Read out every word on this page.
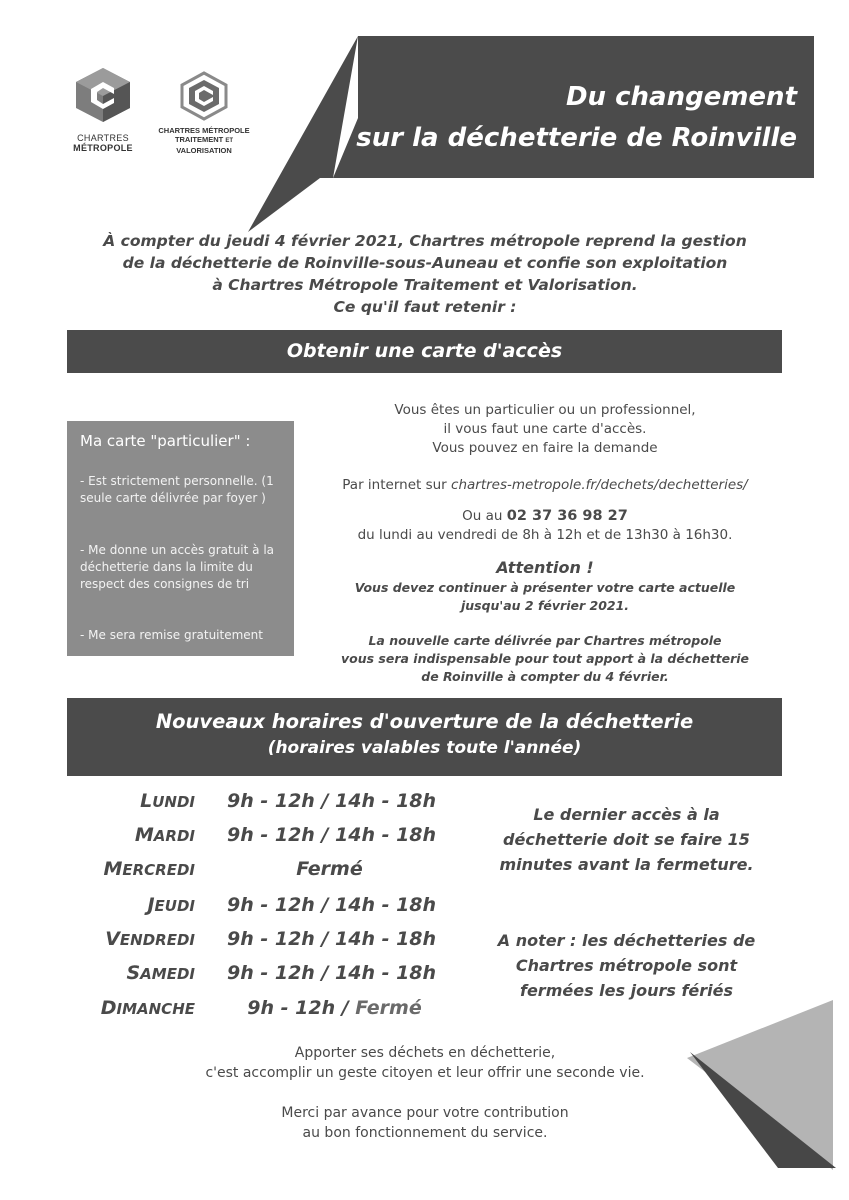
CHARTRES
MÉTROPOLE
CHARTRES MÉTROPOLE
TRAITEMENT ET
VALORISATION
Du changement
sur la déchetterie de Roinville
À compter du jeudi 4 février 2021, Chartres métropole reprend la gestion
de la déchetterie de Roinville-sous-Auneau et confie son exploitation
à Chartres Métropole Traitement et Valorisation.
Ce qu'il faut retenir :
Obtenir une carte d'accès
Ma carte "particulier" :
- Est strictement personnelle. (1 seule carte délivrée par foyer )
- Me donne un accès gratuit à la déchetterie dans la limite du respect des consignes de tri
- Me sera remise gratuitement
Vous êtes un particulier ou un professionnel,
il vous faut une carte d'accès.
Vous pouvez en faire la demande
Par internet sur chartres-metropole.fr/dechets/dechetteries/
Ou au 02 37 36 98 27
du lundi au vendredi de 8h à 12h et de 13h30 à 16h30.
Attention !
Vous devez continuer à présenter votre carte actuelle
jusqu'au 2 février 2021.
La nouvelle carte délivrée par Chartres métropole
vous sera indispensable pour tout apport à la déchetterie
de Roinville à compter du 4 février.
Nouveaux horaires d'ouverture de la déchetterie
(horaires valables toute l'année)
LUNDI 9h - 12h / 14h - 18h
MARDI 9h - 12h / 14h - 18h
MERCREDI	Fermé
JEUDI 9h - 12h / 14h - 18h
VENDREDI 9h - 12h / 14h - 18h
SAMEDI 9h - 12h / 14h - 18h
DIMANCHE	9h - 12h / Fermé
Le dernier accès à la déchetterie doit se faire 15 minutes avant la fermeture.
A noter : les déchetteries de Chartres métropole sont fermées les jours fériés
Apporter ses déchets en déchetterie,
c'est accomplir un geste citoyen et leur offrir une seconde vie.
Merci par avance pour votre contribution
au bon fonctionnement du service.
